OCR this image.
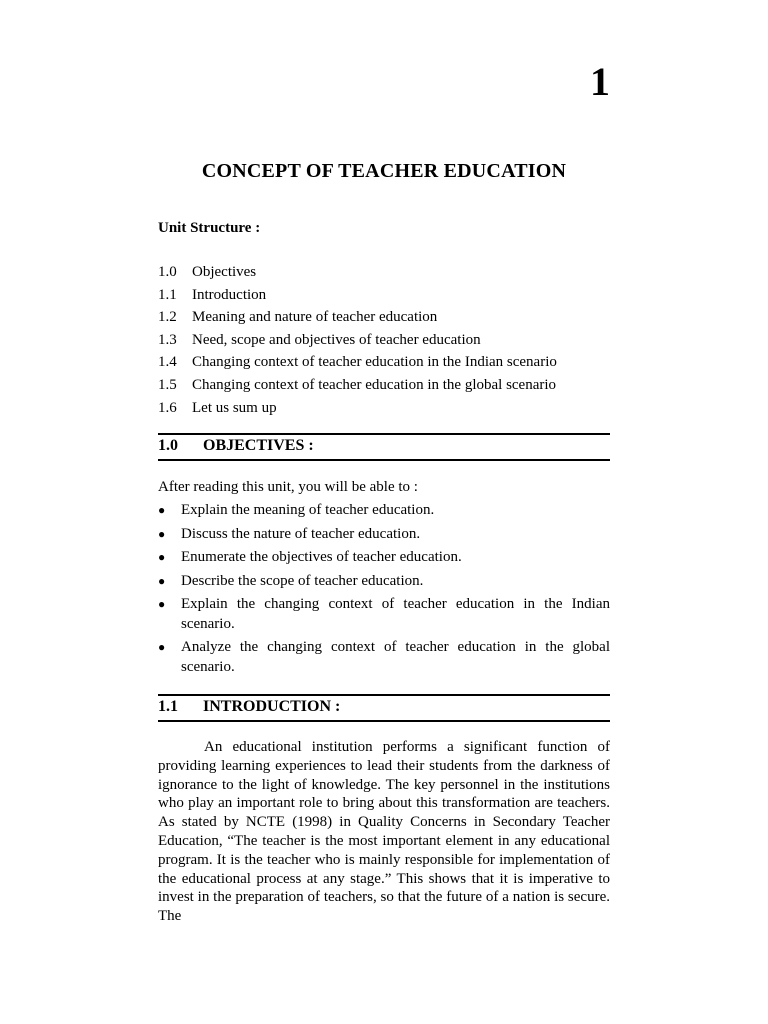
1
CONCEPT OF TEACHER EDUCATION
Unit Structure :
1.0 Objectives
1.1 Introduction
1.2 Meaning and nature of teacher education
1.3 Need, scope and objectives of teacher education
1.4 Changing context of teacher education in the Indian scenario
1.5 Changing context of teacher education in the global scenario
1.6 Let us sum up
1.0 OBJECTIVES :
After reading this unit, you will be able to :
● Explain the meaning of teacher education.
● Discuss the nature of teacher education.
● Enumerate the objectives of teacher education.
● Describe the scope of teacher education.
● Explain the changing context of teacher education in the Indian scenario.
● Analyze the changing context of teacher education in the global scenario.
1.1 INTRODUCTION :

An educational institution performs a significant function of providing learning experiences to lead their students from the darkness of ignorance to the light of knowledge. The key personnel in the institutions who play an important role to bring about this transformation are teachers. As stated by NCTE (1998) in Quality Concerns in Secondary Teacher Education, “The teacher is the most important element in any educational program. It is the teacher who is mainly responsible for implementation of the educational process at any stage.” This shows that it is imperative to invest in the preparation of teachers, so that the future of a nation is secure. The
